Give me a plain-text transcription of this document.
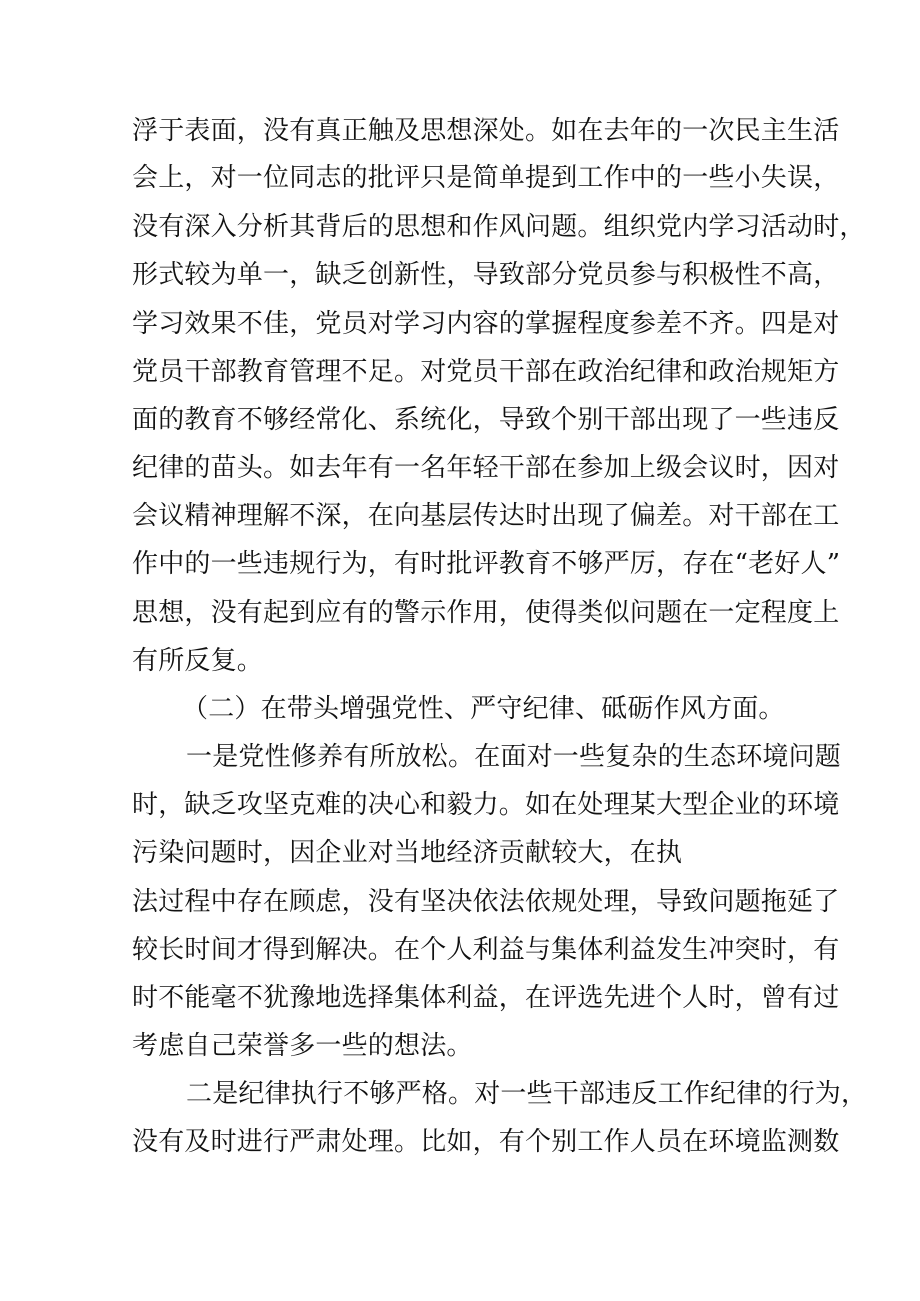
浮于表面，没有真正触及思想深处。如在去年的一次民主生活
会上，对一位同志的批评只是简单提到工作中的一些小失误，
没有深入分析其背后的思想和作风问题。组织党内学习活动时，
形式较为单一，缺乏创新性，导致部分党员参与积极性不高，
学习效果不佳，党员对学习内容的掌握程度参差不齐。四是对
党员干部教育管理不足。对党员干部在政治纪律和政治规矩方
面的教育不够经常化、系统化，导致个别干部出现了一些违反
纪律的苗头。如去年有一名年轻干部在参加上级会议时，因对
会议精神理解不深，在向基层传达时出现了偏差。对干部在工
作中的一些违规行为，有时批评教育不够严厉，存在“老好人”
思想，没有起到应有的警示作用，使得类似问题在一定程度上
有所反复。
（二）在带头增强党性、严守纪律、砥砺作风方面。
一是党性修养有所放松。在面对一些复杂的生态环境问题
时，缺乏攻坚克难的决心和毅力。如在处理某大型企业的环境
污染问题时，因企业对当地经济贡献较大，在执
法过程中存在顾虑，没有坚决依法依规处理，导致问题拖延了
较长时间才得到解决。在个人利益与集体利益发生冲突时，有
时不能毫不犹豫地选择集体利益，在评选先进个人时，曾有过
考虑自己荣誉多一些的想法。
二是纪律执行不够严格。对一些干部违反工作纪律的行为，
没有及时进行严肃处理。比如，有个别工作人员在环境监测数
